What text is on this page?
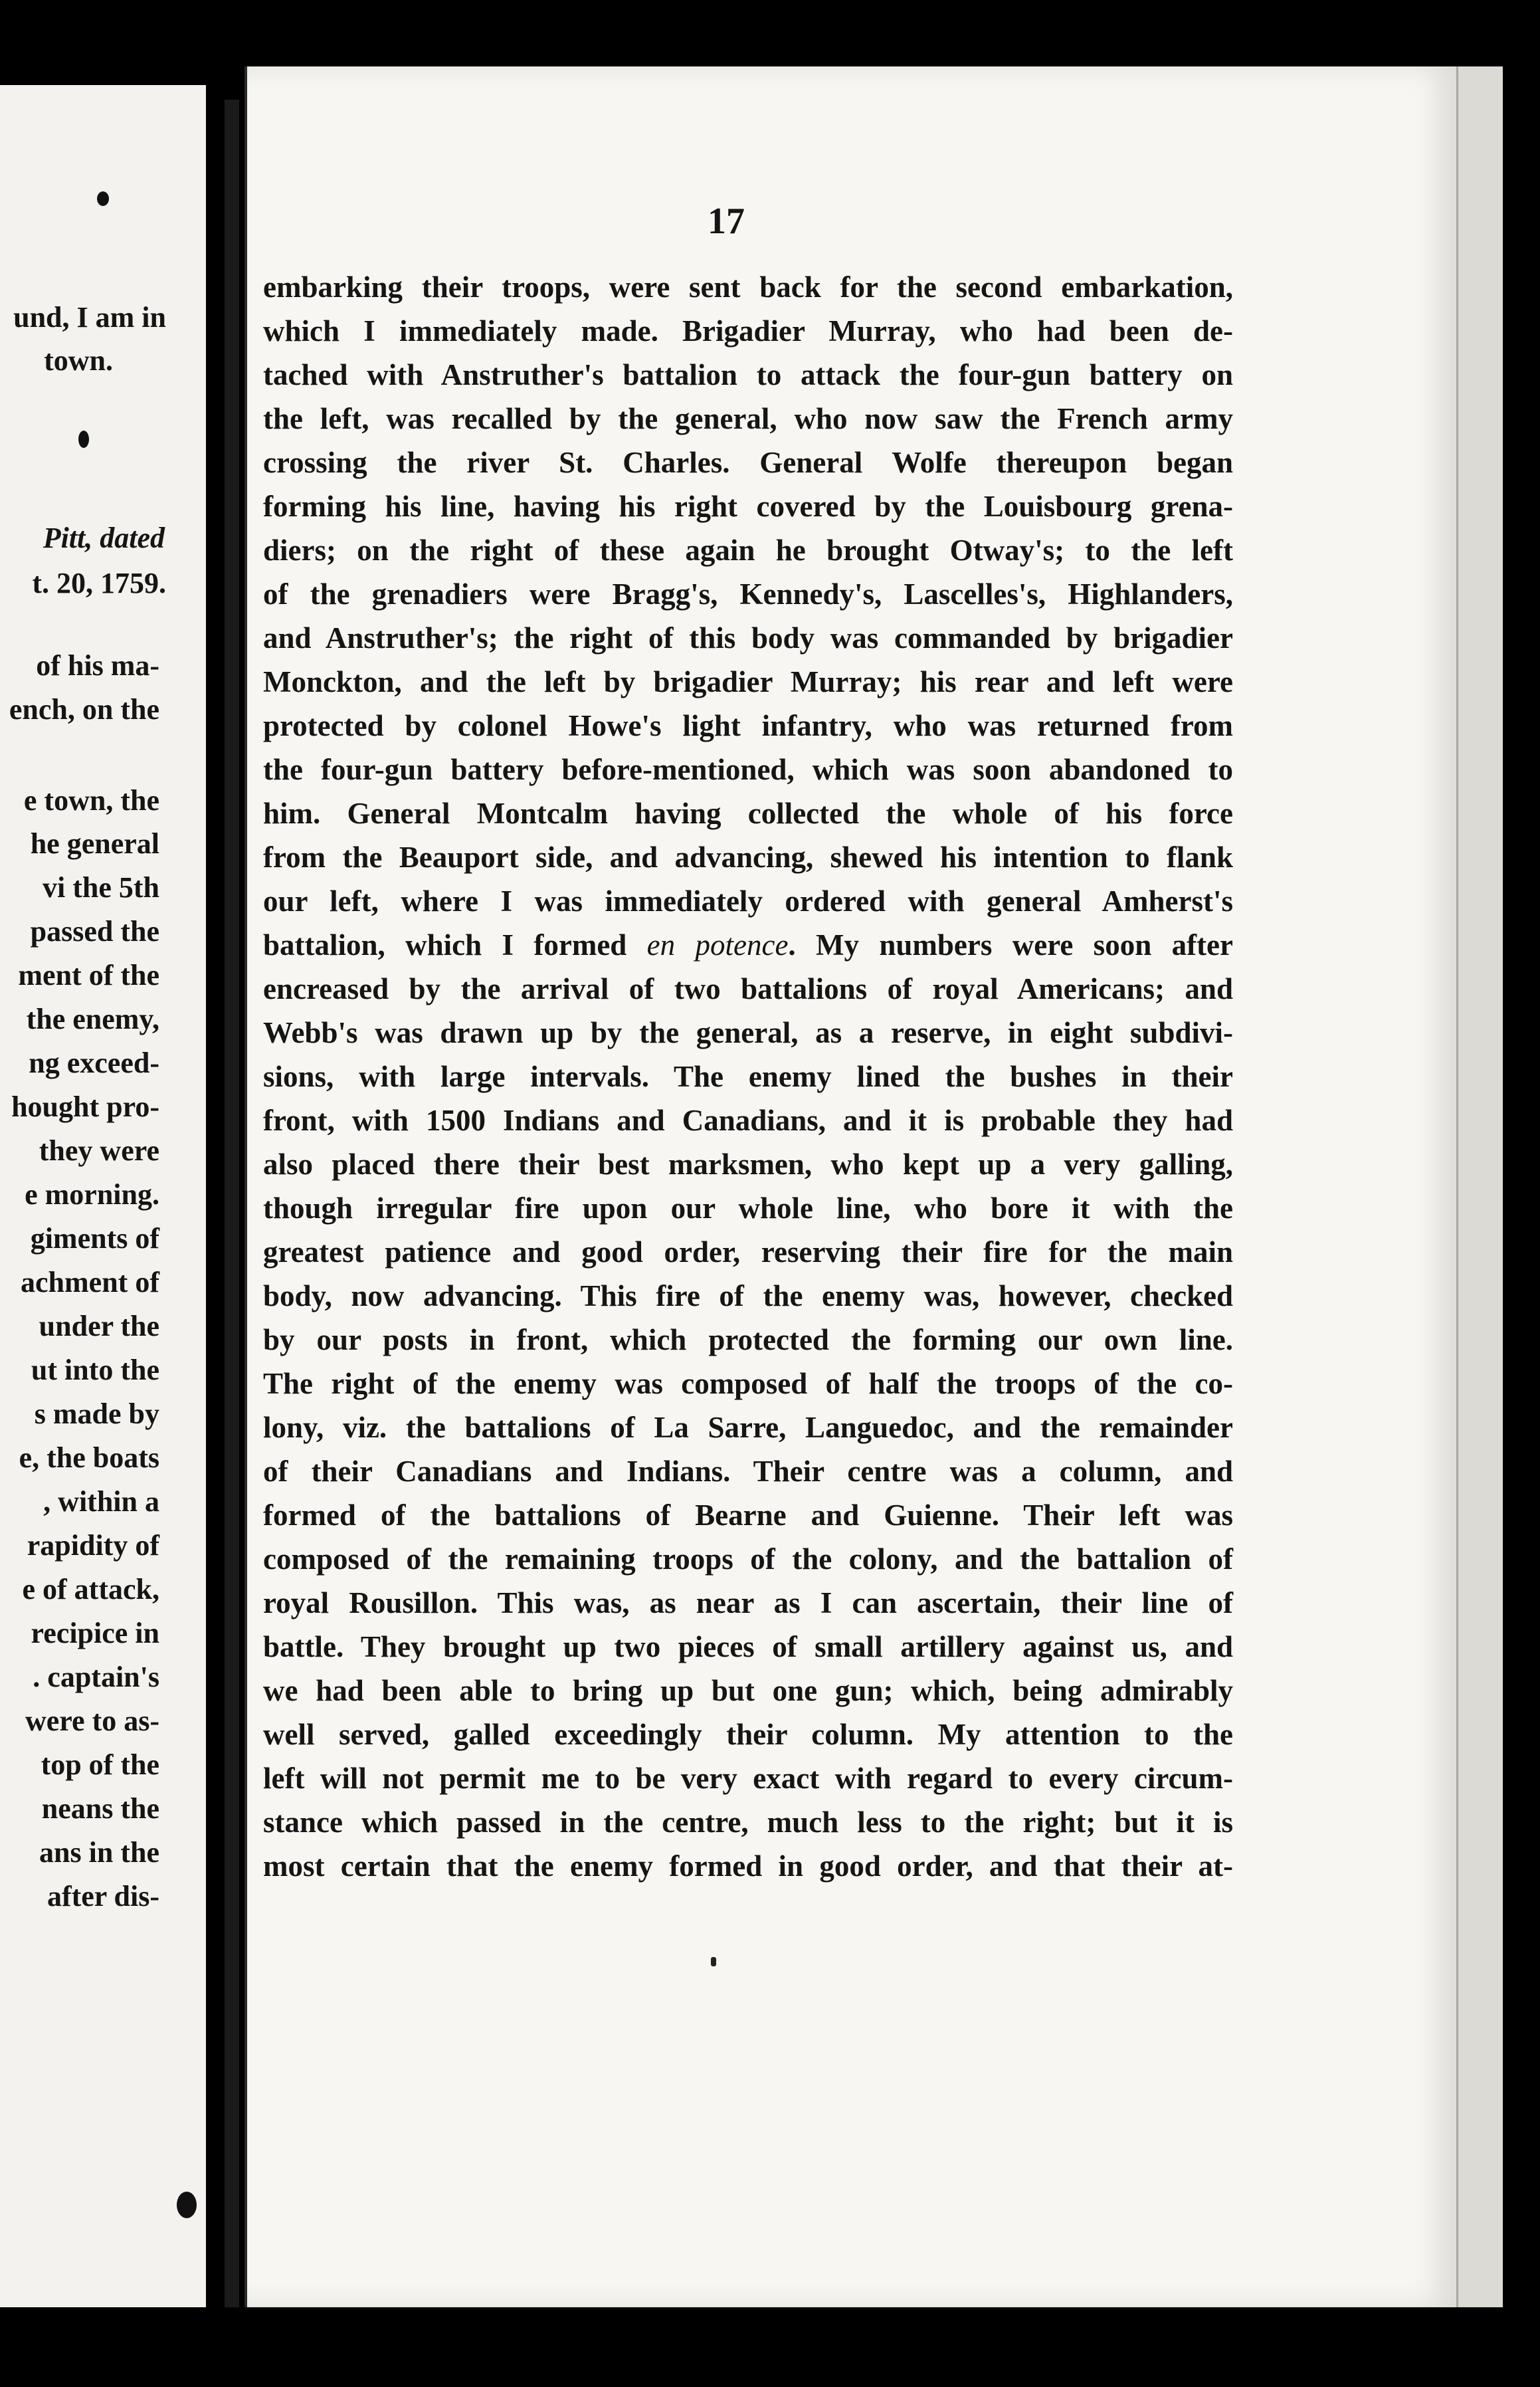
und, I am in
town.
Pitt, dated
t. 20, 1759.
of his ma-
ench, on the
e town, the
he general
vi the 5th
passed the
ment of the
the enemy,
ng exceed-
hought pro-
they were
e morning.
giments of
achment of
under the
ut into the
s made by
e, the boats
, within a
rapidity of
e of attack,
recipice in
. captain's
were to as-
top of the
neans the
ans in the
after dis-
17
embarking their troops, were sent back for the second embarkation,
which I immediately made. Brigadier Murray, who had been de-
tached with Anstruther's battalion to attack the four-gun battery on
the left, was recalled by the general, who now saw the French army
crossing the river St. Charles. General Wolfe thereupon began
forming his line, having his right covered by the Louisbourg grena-
diers; on the right of these again he brought Otway's; to the left
of the grenadiers were Bragg's, Kennedy's, Lascelles's, Highlanders,
and Anstruther's; the right of this body was commanded by brigadier
Monckton, and the left by brigadier Murray; his rear and left were
protected by colonel Howe's light infantry, who was returned from
the four-gun battery before-mentioned, which was soon abandoned to
him. General Montcalm having collected the whole of his force
from the Beauport side, and advancing, shewed his intention to flank
our left, where I was immediately ordered with general Amherst's
battalion, which I formed en potence. My numbers were soon after
encreased by the arrival of two battalions of royal Americans; and
Webb's was drawn up by the general, as a reserve, in eight subdivi-
sions, with large intervals. The enemy lined the bushes in their
front, with 1500 Indians and Canadians, and it is probable they had
also placed there their best marksmen, who kept up a very galling,
though irregular fire upon our whole line, who bore it with the
greatest patience and good order, reserving their fire for the main
body, now advancing. This fire of the enemy was, however, checked
by our posts in front, which protected the forming our own line.
The right of the enemy was composed of half the troops of the co-
lony, viz. the battalions of La Sarre, Languedoc, and the remainder
of their Canadians and Indians. Their centre was a column, and
formed of the battalions of Bearne and Guienne. Their left was
composed of the remaining troops of the colony, and the battalion of
royal Rousillon. This was, as near as I can ascertain, their line of
battle. They brought up two pieces of small artillery against us, and
we had been able to bring up but one gun; which, being admirably
well served, galled exceedingly their column. My attention to the
left will not permit me to be very exact with regard to every circum-
stance which passed in the centre, much less to the right; but it is
most certain that the enemy formed in good order, and that their at-
